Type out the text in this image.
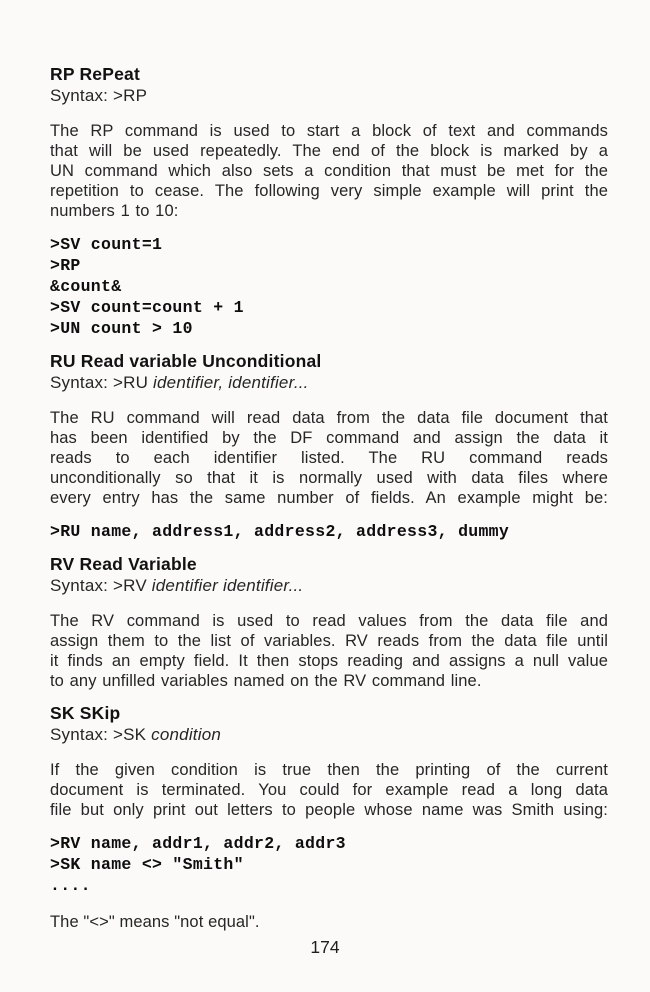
RP RePeat
Syntax: >RP
The RP command is used to start a block of text and commands
that will be used repeatedly. The end of the block is marked by a
UN command which also sets a condition that must be met for the
repetition to cease. The following very simple example will print the
numbers 1 to 10:
>SV count=1
>RP
&count&
>SV count=count + 1
>UN count > 10
RU Read variable Unconditional
Syntax: >RU identifier, identifier...
The RU command will read data from the data file document that
has been identified by the DF command and assign the data it
reads to each identifier listed. The RU command reads
unconditionally so that it is normally used with data files where
every entry has the same number of fields. An example might be:
>RU name, address1, address2, address3, dummy
RV Read Variable
Syntax: >RV identifier identifier...
The RV command is used to read values from the data file and
assign them to the list of variables. RV reads from the data file until
it finds an empty field. It then stops reading and assigns a null value
to any unfilled variables named on the RV command line.
SK SKip
Syntax: >SK condition
If the given condition is true then the printing of the current
document is terminated. You could for example read a long data
file but only print out letters to people whose name was Smith using:
>RV name, addr1, addr2, addr3
>SK name <> "Smith"
....
The "<>" means "not equal".
174
